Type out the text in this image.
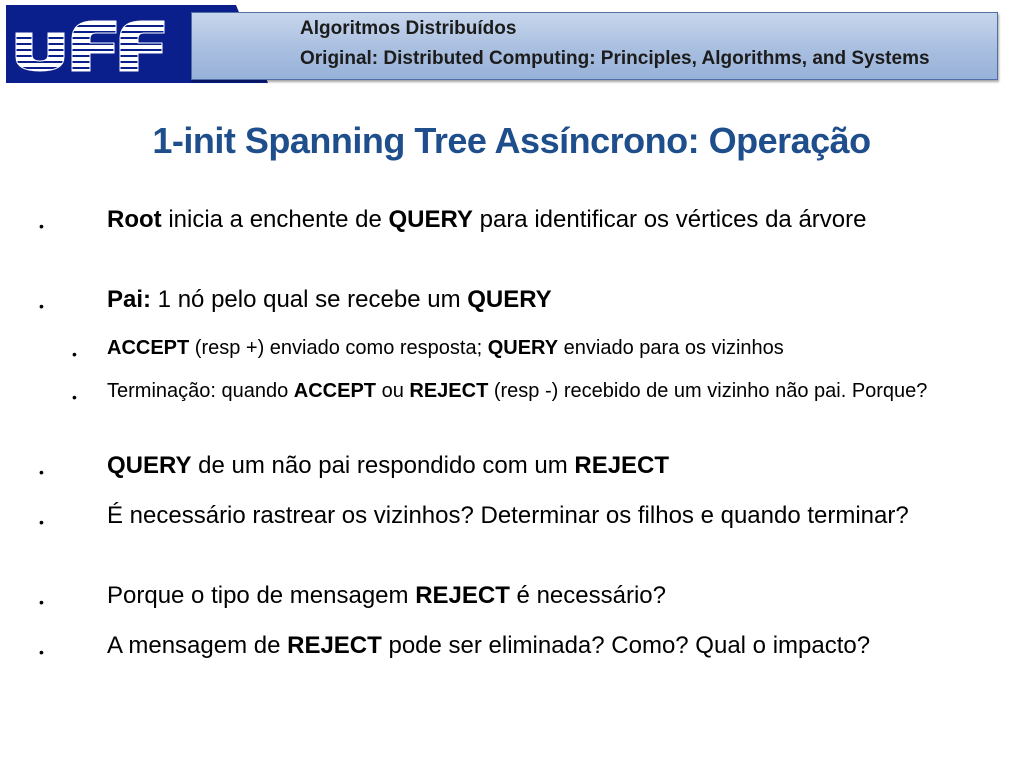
Algoritmos Distribuídos
Original: Distributed Computing: Principles, Algorithms, and Systems
1-init Spanning Tree Assíncrono: Operação
•	Root inicia a enchente de QUERY para identificar os vértices da árvore
•	Pai: 1 nó pelo qual se recebe um QUERY
• ACCEPT (resp +) enviado como resposta; QUERY enviado para os vizinhos
• Terminação: quando ACCEPT ou REJECT (resp -) recebido de um vizinho não pai. Porque?
•	QUERY de um não pai respondido com um REJECT
•	É necessário rastrear os vizinhos? Determinar os filhos e quando terminar?
•	Porque o tipo de mensagem REJECT é necessário?
•	A mensagem de REJECT pode ser eliminada? Como? Qual o impacto?
